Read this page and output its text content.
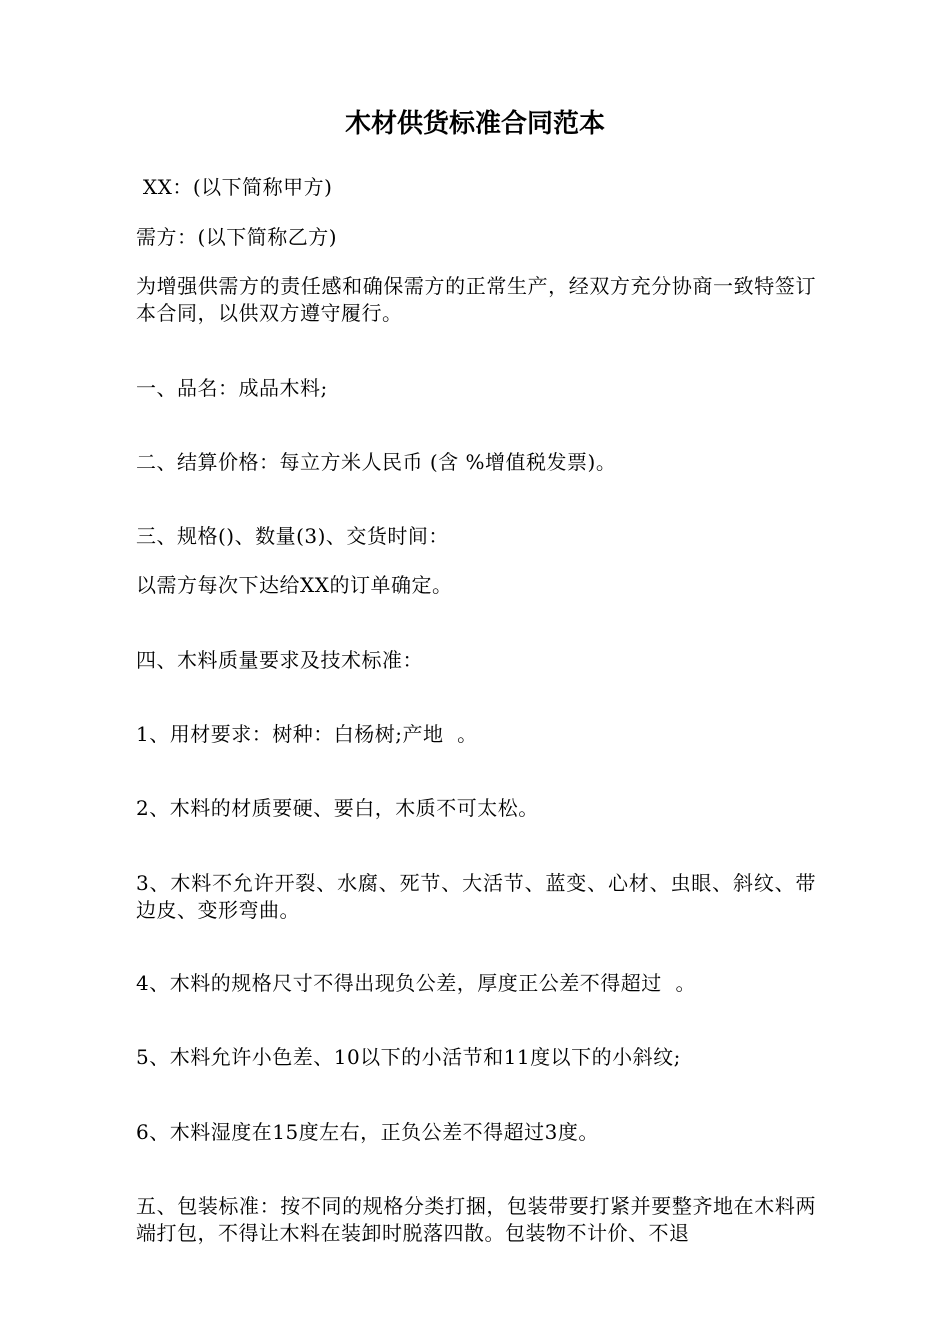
木材供货标准合同范本
XX：(以下简称甲方)
需方：(以下简称乙方)
为增强供需方的责任感和确保需方的正常生产，经双方充分协商一致特签订本合同，以供双方遵守履行。
一、品名：成品木料;
二、结算价格：每立方米人民币 (含 %增值税发票)。
三、规格()、数量(3)、交货时间：
以需方每次下达给XX的订单确定。
四、木料质量要求及技术标准：
1、用材要求：树种：白杨树;产地  。
2、木料的材质要硬、要白，木质不可太松。
3、木料不允许开裂、水腐、死节、大活节、蓝变、心材、虫眼、斜纹、带边皮、变形弯曲。
4、木料的规格尺寸不得出现负公差，厚度正公差不得超过  。
5、木料允许小色差、10以下的小活节和11度以下的小斜纹;
6、木料湿度在15度左右，正负公差不得超过3度。
五、包装标准：按不同的规格分类打捆，包装带要打紧并要整齐地在木料两端打包，不得让木料在装卸时脱落四散。包装物不计价、不退
